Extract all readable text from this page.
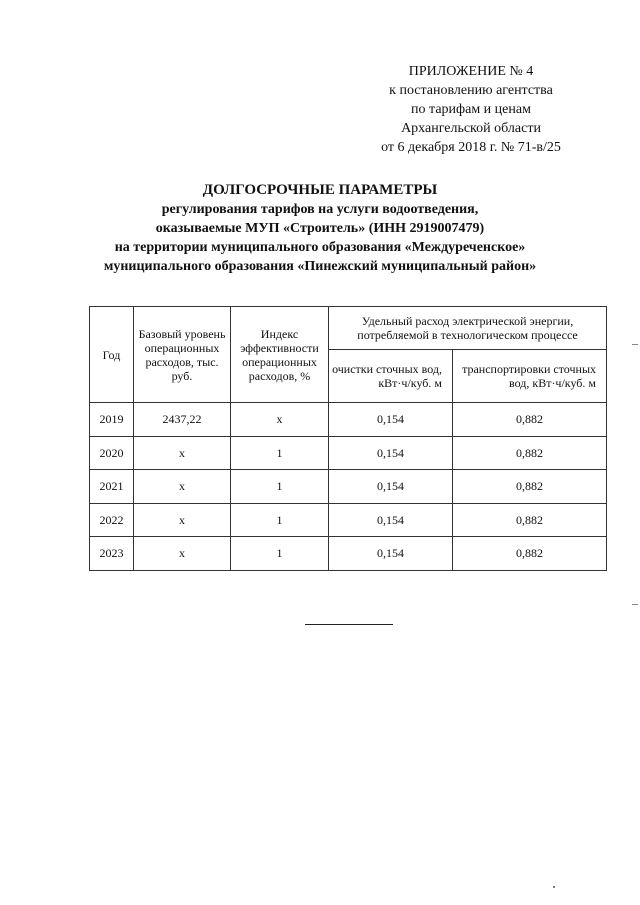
ПРИЛОЖЕНИЕ № 4
к постановлению агентства
по тарифам и ценам
Архангельской области
от 6 декабря 2018 г. № 71-в/25
ДОЛГОСРОЧНЫЕ ПАРАМЕТРЫ
регулирования тарифов на услуги водоотведения,
оказываемые МУП «Строитель» (ИНН 2919007479)
на территории муниципального образования «Междуреченское»
муниципального образования «Пинежский муниципальный район»
Год	Базовый уровень операционных расходов, тыс. руб.	Индекс эффективности операционных расходов, %	Удельный расход электрической энергии, потребляемой в технологическом процессе	
			очистки сточных вод, кВт·ч/куб. м	транспортировки сточных вод, кВт·ч/куб. м
2019	2437,22	х	0,154	0,882
2020	х	1	0,154	0,882
2021	х	1	0,154	0,882
2022	х	1	0,154	0,882
2023	х	1	0,154	0,882
